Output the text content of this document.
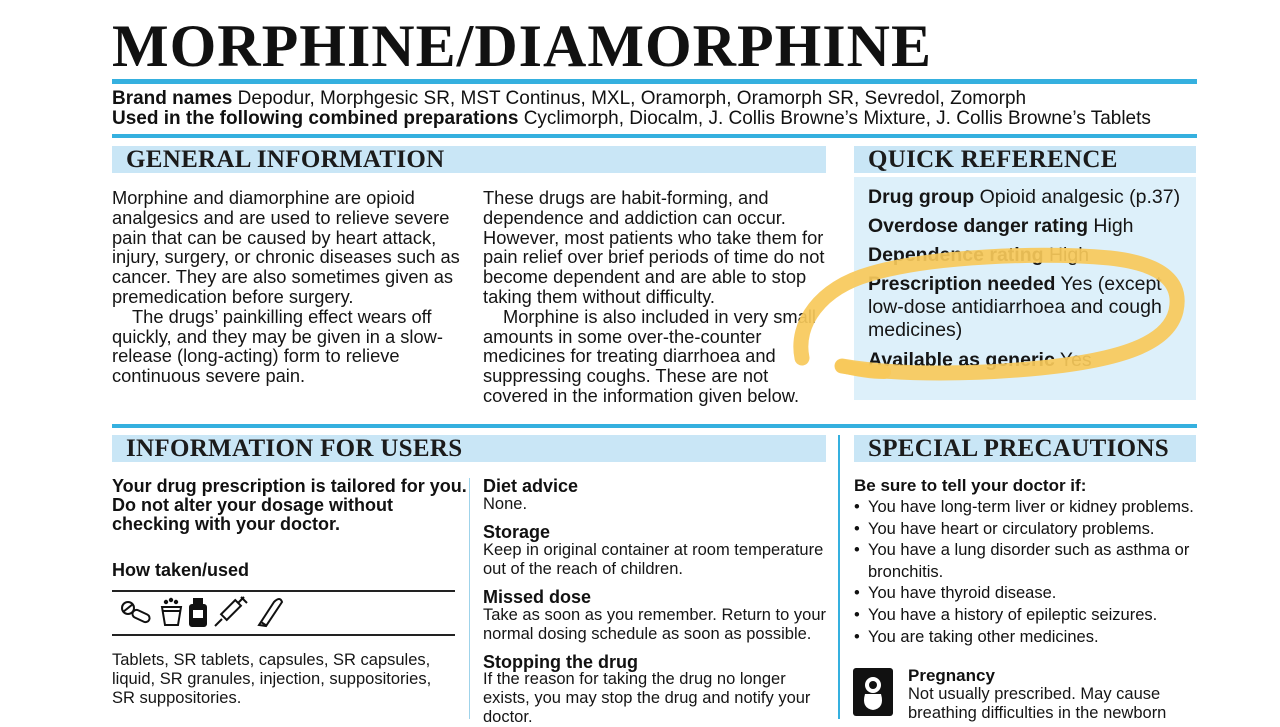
MORPHINE/DIAMORPHINE
Brand names Depodur, Morphgesic SR, MST Continus, MXL, Oramorph, Oramorph SR, Sevredol, Zomorph
Used in the following combined preparations Cyclimorph, Diocalm, J. Collis Browne’s Mixture, J. Collis Browne’s Tablets
GENERAL INFORMATION

Morphine and diamorphine are opioid analgesics and are used to relieve severe pain that can be caused by heart attack, injury, surgery, or chronic diseases such as cancer. They are also sometimes given as premedication before surgery.

The drugs’ painkilling effect wears off quickly, and they may be given in a slow-release (long-acting) form to relieve continuous severe pain.

These drugs are habit-forming, and dependence and addiction can occur. However, most patients who take them for pain relief over brief periods of time do not become dependent and are able to stop taking them without difficulty.

Morphine is also included in very small amounts in some over-the-counter medicines for treating diarrhoea and suppressing coughs. These are not covered in the information given below.

QUICK REFERENCE
Drug group Opioid analgesic (p.37)
Overdose danger rating High
Dependence rating High
Prescription needed Yes (except
low-dose antidiarrhoea and cough
medicines)
Available as generic Yes
INFORMATION FOR USERS
Your drug prescription is tailored for you.
Do not alter your dosage without
checking with your doctor.
How taken/used
Tablets, SR tablets, capsules, SR capsules, liquid, SR granules, injection, suppositories, SR suppositories.
Diet advice
None.
Storage
Keep in original container at room temperature out of the reach of children.
Missed dose
Take as soon as you remember. Return to your normal dosing schedule as soon as possible.
Stopping the drug
If the reason for taking the drug no longer exists, you may stop the drug and notify your doctor.
SPECIAL PRECAUTIONS
Be sure to tell your doctor if:
• You have long-term liver or kidney problems.
• You have heart or circulatory problems.
• You have a lung disorder such as asthma or bronchitis.
• You have thyroid disease.
• You have a history of epileptic seizures.
• You are taking other medicines.
Pregnancy
Not usually prescribed. May cause breathing difficulties in the newborn
